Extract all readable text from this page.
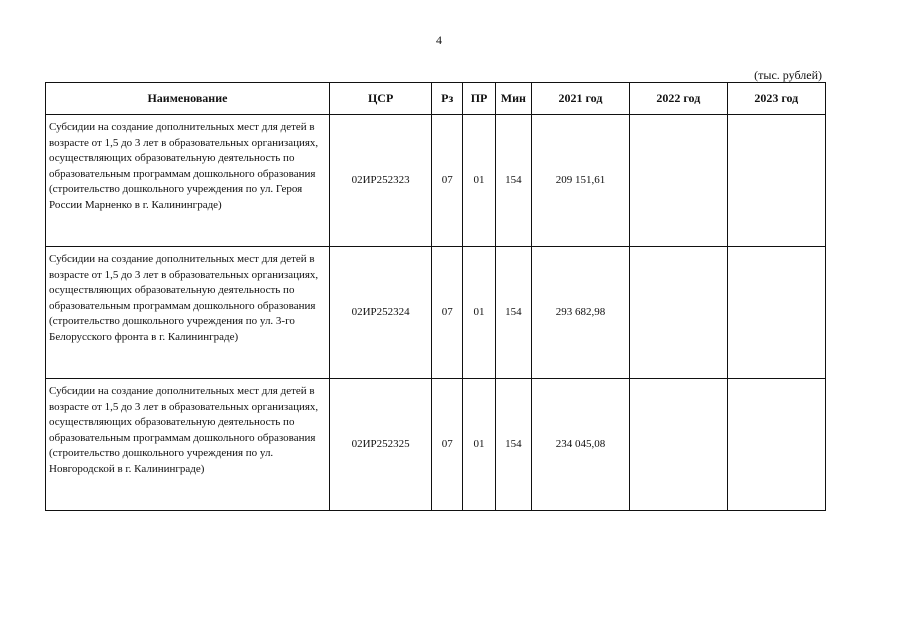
4
(тыс. рублей)
Наименование	ЦСР	Рз	ПР	Мин	2021 год	2022 год	2023 год
Субсидии на создание дополнительных мест для детей в возрасте от 1,5 до 3 лет в образовательных организациях, осуществляющих образовательную деятельность по образовательным программам дошкольного образования (строительство дошкольного учреждения по ул. Героя России Марненко в г. Калининграде)	02ИР252323	07	01	154	209 151,61		
Субсидии на создание дополнительных мест для детей в возрасте от 1,5 до 3 лет в образовательных организациях, осуществляющих образовательную деятельность по образовательным программам дошкольного образования (строительство дошкольного учреждения по ул. 3-го Белорусского фронта в г. Калининграде)	02ИР252324	07	01	154	293 682,98		
Субсидии на создание дополнительных мест для детей в возрасте от 1,5 до 3 лет в образовательных организациях, осуществляющих образовательную деятельность по образовательным программам дошкольного образования (строительство дошкольного учреждения по ул. Новгородской в г. Калининграде)	02ИР252325	07	01	154	234 045,08		
